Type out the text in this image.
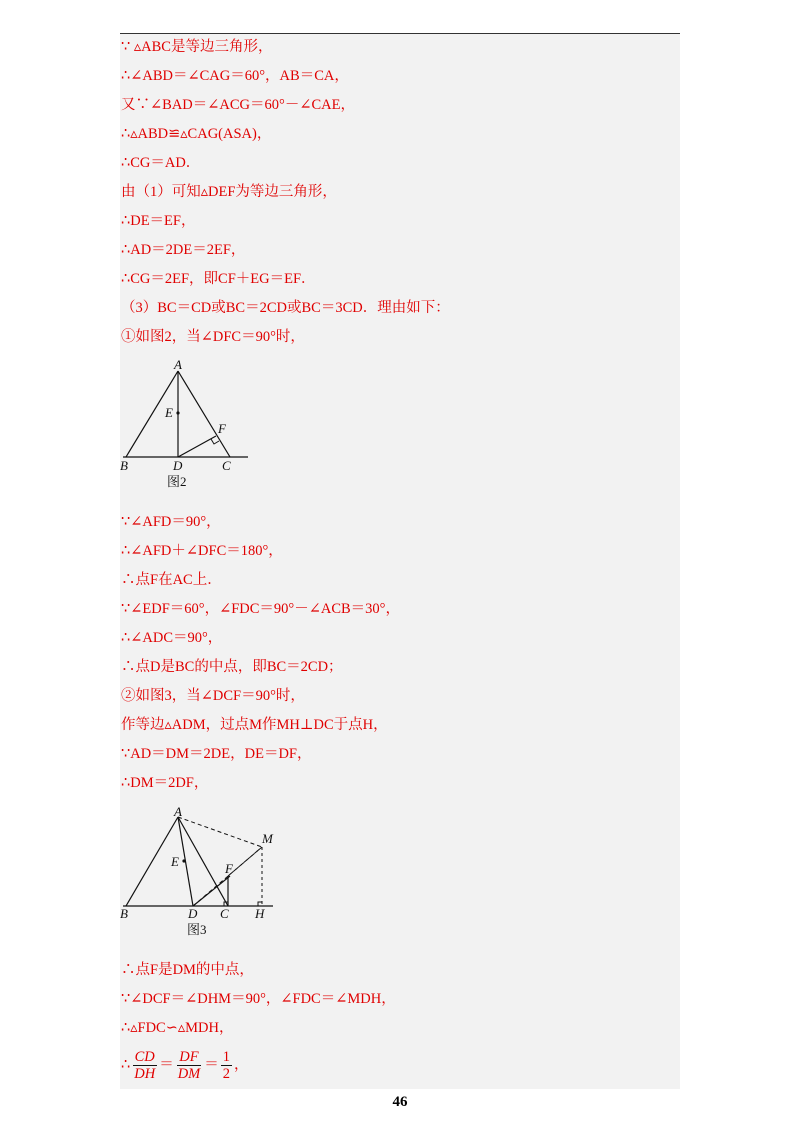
∵ ▵ABC是等边三角形，
∴∠ABD＝∠CAG＝60°，AB＝CA，
又∵∠BAD＝∠ACG＝60°－∠CAE，
∴▵ABD≌▵CAG(ASA)，
∴CG＝AD．
由（1）可知▵DEF为等边三角形，
∴DE＝EF，
∴AD＝2DE＝2EF，
∴CG＝2EF，即CF＋EG＝EF．
（3）BC＝CD或BC＝2CD或BC＝3CD．理由如下：
①如图2，当∠DFC＝90°时，
A
E
F
B	D	C
图2
∵∠AFD＝90°，
∴∠AFD＋∠DFC＝180°，
∴点F在AC上．
∵∠EDF＝60°，∠FDC＝90°－∠ACB＝30°，
∴∠ADC＝90°，
∴点D是BC的中点，即BC＝2CD；
②如图3，当∠DCF＝90°时，
作等边▵ADM，过点M作MH⊥DC于点H，
∵AD＝DM＝2DE，DE＝DF，
∴DM＝2DF，
A
M
E	F
B	D C H
图3
∴点F是DM的中点，
∵∠DCF＝∠DHM＝90°，∠FDC＝∠MDH，
∴▵FDC∽▵MDH，
∴ $\frac{CD}{DH} = \frac{DF}{DM} = \frac{1}{2}$ ，
46
